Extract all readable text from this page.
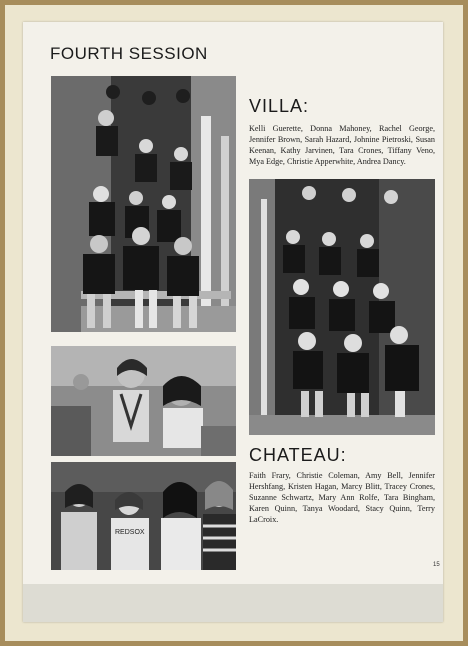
FOURTH SESSION
VILLA:

Kelli Guerette, Donna Mahoney, Rachel George, Jennifer Brown, Sarah Hazard, Johnine Pietroski, Susan Keenan, Kathy Jarvinen, Tara Crones, Tiffany Veno, Mya Edge, Christie Apperwhite, Andrea Dancy.

REDSOX
CHATEAU:

Faith Frary, Christie Coleman, Amy Bell, Jennifer Hershfang, Kristen Hagan, Marcy Blitt, Tracey Crones, Suzanne Schwartz, Mary Ann Rolfe, Tara Bingham, Karen Quinn, Tanya Woodard, Stacy Quinn, Terry LaCroix.

15
